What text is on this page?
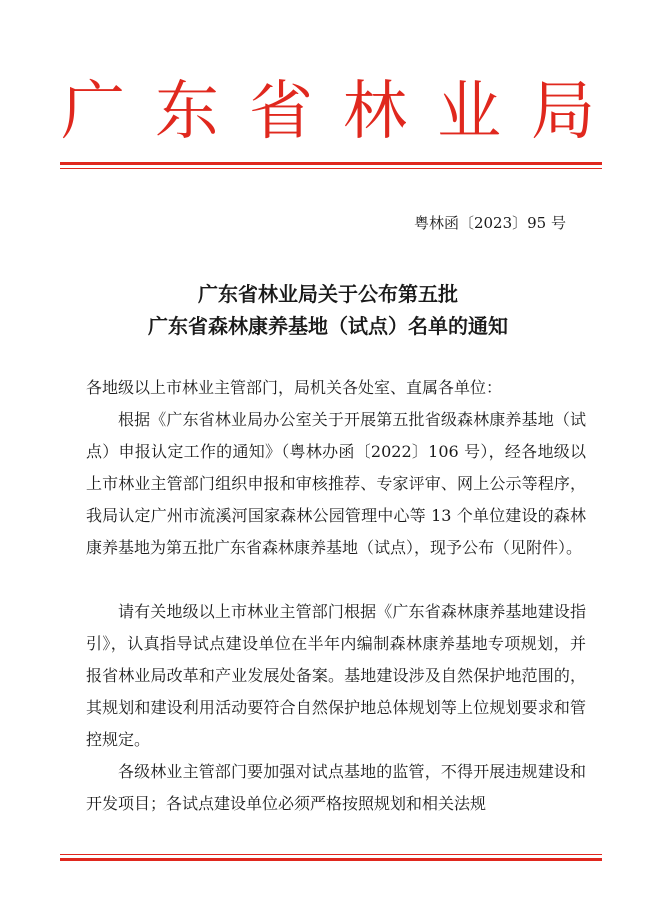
广东省林业局
粤林函〔2023〕95 号
广东省林业局关于公布第五批
广东省森林康养基地（试点）名单的通知
各地级以上市林业主管部门，局机关各处室、直属各单位：

根据《广东省林业局办公室关于开展第五批省级森林康养基地（试点）申报认定工作的通知》（粤林办函〔2022〕106 号），经各地级以上市林业主管部门组织申报和审核推荐、专家评审、网上公示等程序，我局认定广州市流溪河国家森林公园管理中心等 13 个单位建设的森林康养基地为第五批广东省森林康养基地（试点），现予公布（见附件）。

请有关地级以上市林业主管部门根据《广东省森林康养基地建设指引》，认真指导试点建设单位在半年内编制森林康养基地专项规划，并报省林业局改革和产业发展处备案。基地建设涉及自然保护地范围的，其规划和建设利用活动要符合自然保护地总体规划等上位规划要求和管控规定。

各级林业主管部门要加强对试点基地的监管，不得开展违规建设和开发项目；各试点建设单位必须严格按照规划和相关法规
